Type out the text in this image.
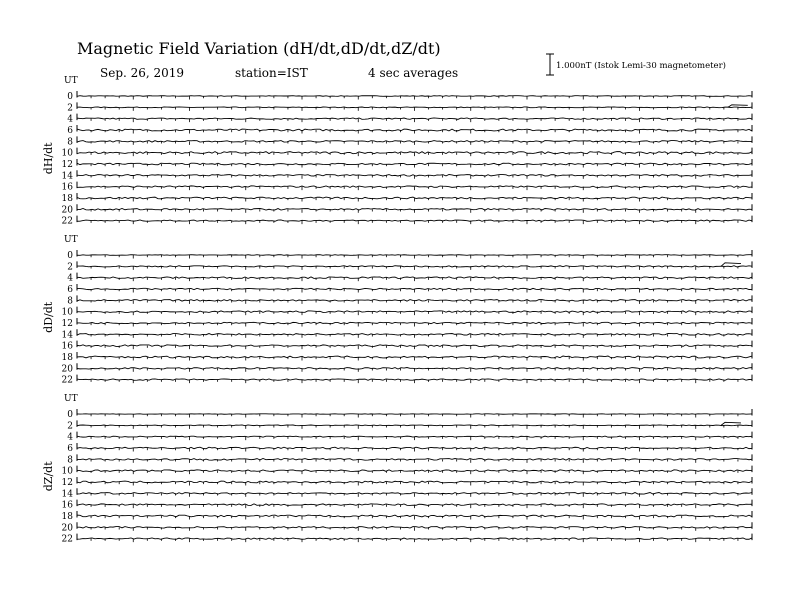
Magnetic Field Variation (dH/dt,dD/dt,dZ/dt)
Sep. 26, 2019	station=IST	4 sec averages	1.000nT (Istok Lemi-30 magnetometer)
UT
dH/dt
0
2
4
6
8
10
12
14
16
18
20
22
UT
dD/dt
0
2
4
6
8
10
12
14
16
18
20
22
UT
dZ/dt
0
2
4
6
8
10
12
14
16
18
20
22
